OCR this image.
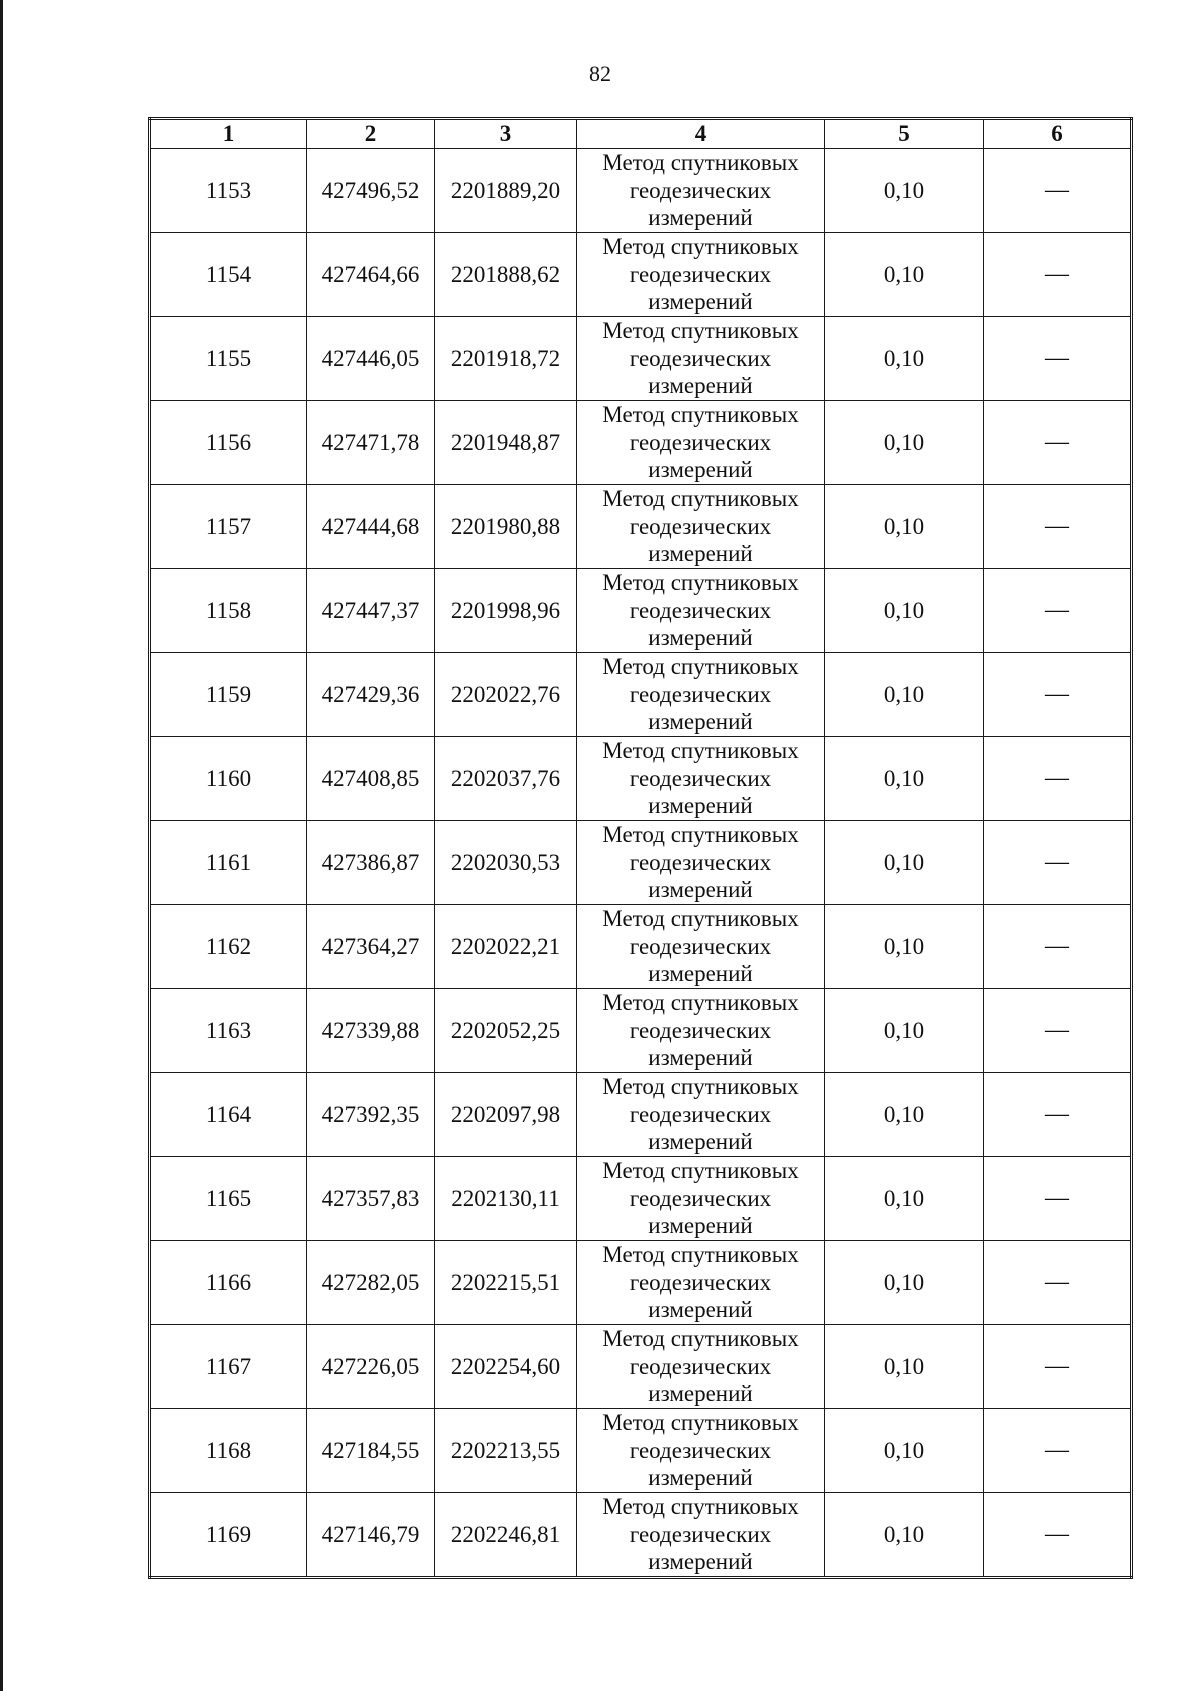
82
1	2	3	4	5	6
1153	427496,52	2201889,20	Метод спутниковых
геодезических
измерений	0,10	—
1154	427464,66	2201888,62	Метод спутниковых
геодезических
измерений	0,10	—
1155	427446,05	2201918,72	Метод спутниковых
геодезических
измерений	0,10	—
1156	427471,78	2201948,87	Метод спутниковых
геодезических
измерений	0,10	—
1157	427444,68	2201980,88	Метод спутниковых
геодезических
измерений	0,10	—
1158	427447,37	2201998,96	Метод спутниковых
геодезических
измерений	0,10	—
1159	427429,36	2202022,76	Метод спутниковых
геодезических
измерений	0,10	—
1160	427408,85	2202037,76	Метод спутниковых
геодезических
измерений	0,10	—
1161	427386,87	2202030,53	Метод спутниковых
геодезических
измерений	0,10	—
1162	427364,27	2202022,21	Метод спутниковых
геодезических
измерений	0,10	—
1163	427339,88	2202052,25	Метод спутниковых
геодезических
измерений	0,10	—
1164	427392,35	2202097,98	Метод спутниковых
геодезических
измерений	0,10	—
1165	427357,83	2202130,11	Метод спутниковых
геодезических
измерений	0,10	—
1166	427282,05	2202215,51	Метод спутниковых
геодезических
измерений	0,10	—
1167	427226,05	2202254,60	Метод спутниковых
геодезических
измерений	0,10	—
1168	427184,55	2202213,55	Метод спутниковых
геодезических
измерений	0,10	—
1169	427146,79	2202246,81	Метод спутниковых
геодезических
измерений	0,10	—
